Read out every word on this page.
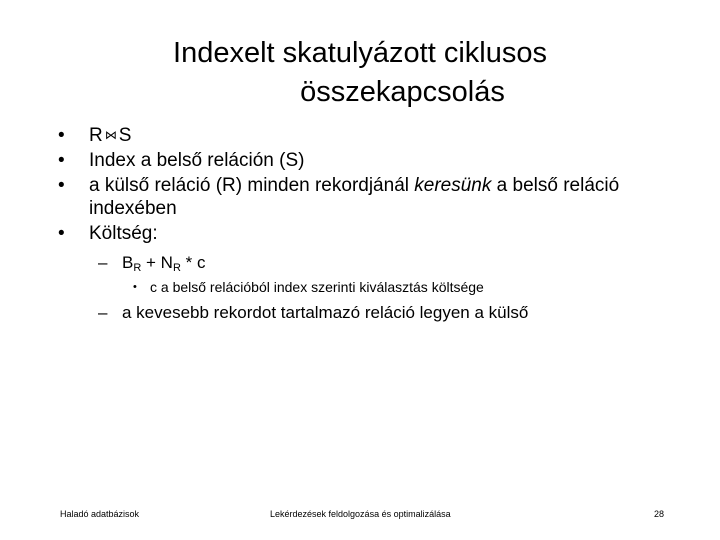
Indexelt skatulyázott ciklusos
összekapcsolás
• R ⋈ S
• Index a belső reláción (S)
• a külső reláció (R) minden rekordjánál keresünk a belső reláció indexében
• Költség:
– $B_R + N_R * c$
• c a belső relációból index szerinti kiválasztás költsége
– a kevesebb rekordot tartalmazó reláció legyen a külső
Haladó adatbázisok	Lekérdezések feldolgozása és optimalizálása	28
